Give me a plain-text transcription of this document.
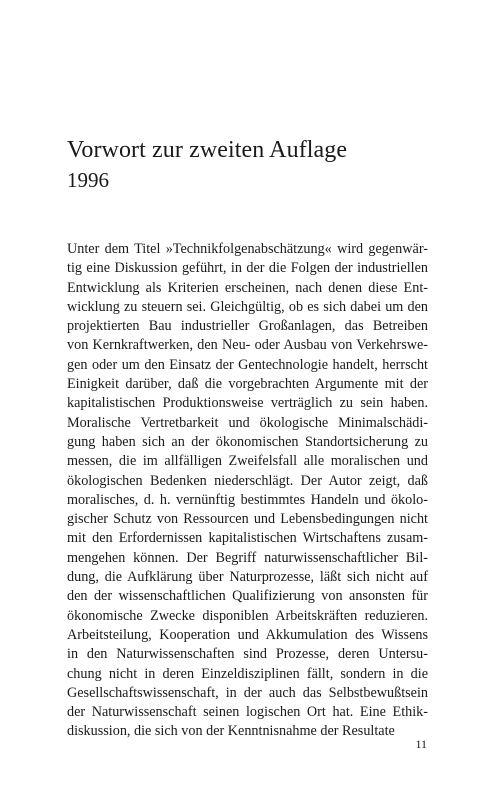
Vorwort zur zweiten Auflage
1996
Unter dem Titel »Technikfolgenabschätzung« wird gegenwär-
tig eine Diskussion geführt, in der die Folgen der industriellen
Entwicklung als Kriterien erscheinen, nach denen diese Ent-
wicklung zu steuern sei. Gleichgültig, ob es sich dabei um den
projektierten Bau industrieller Großanlagen, das Betreiben
von Kernkraftwerken, den Neu- oder Ausbau von Verkehrswe-
gen oder um den Einsatz der Gentechnologie handelt, herrscht
Einigkeit darüber, daß die vorgebrachten Argumente mit der
kapitalistischen Produktionsweise verträglich zu sein haben.
Moralische Vertretbarkeit und ökologische Minimalschädi-
gung haben sich an der ökonomischen Standortsicherung zu
messen, die im allfälligen Zweifelsfall alle moralischen und
ökologischen Bedenken niederschlägt. Der Autor zeigt, daß
moralisches, d. h. vernünftig bestimmtes Handeln und ökolo-
gischer Schutz von Ressourcen und Lebensbedingungen nicht
mit den Erfordernissen kapitalistischen Wirtschaftens zusam-
mengehen können. Der Begriff naturwissenschaftlicher Bil-
dung, die Aufklärung über Naturprozesse, läßt sich nicht auf
den der wissenschaftlichen Qualifizierung von ansonsten für
ökonomische Zwecke disponiblen Arbeitskräften reduzieren.
Arbeitsteilung, Kooperation und Akkumulation des Wissens
in den Naturwissenschaften sind Prozesse, deren Untersu-
chung nicht in deren Einzeldisziplinen fällt, sondern in die
Gesellschaftswissenschaft, in der auch das Selbstbewußtsein
der Naturwissenschaft seinen logischen Ort hat. Eine Ethik-
diskussion, die sich von der Kenntnisnahme der Resultate
11
